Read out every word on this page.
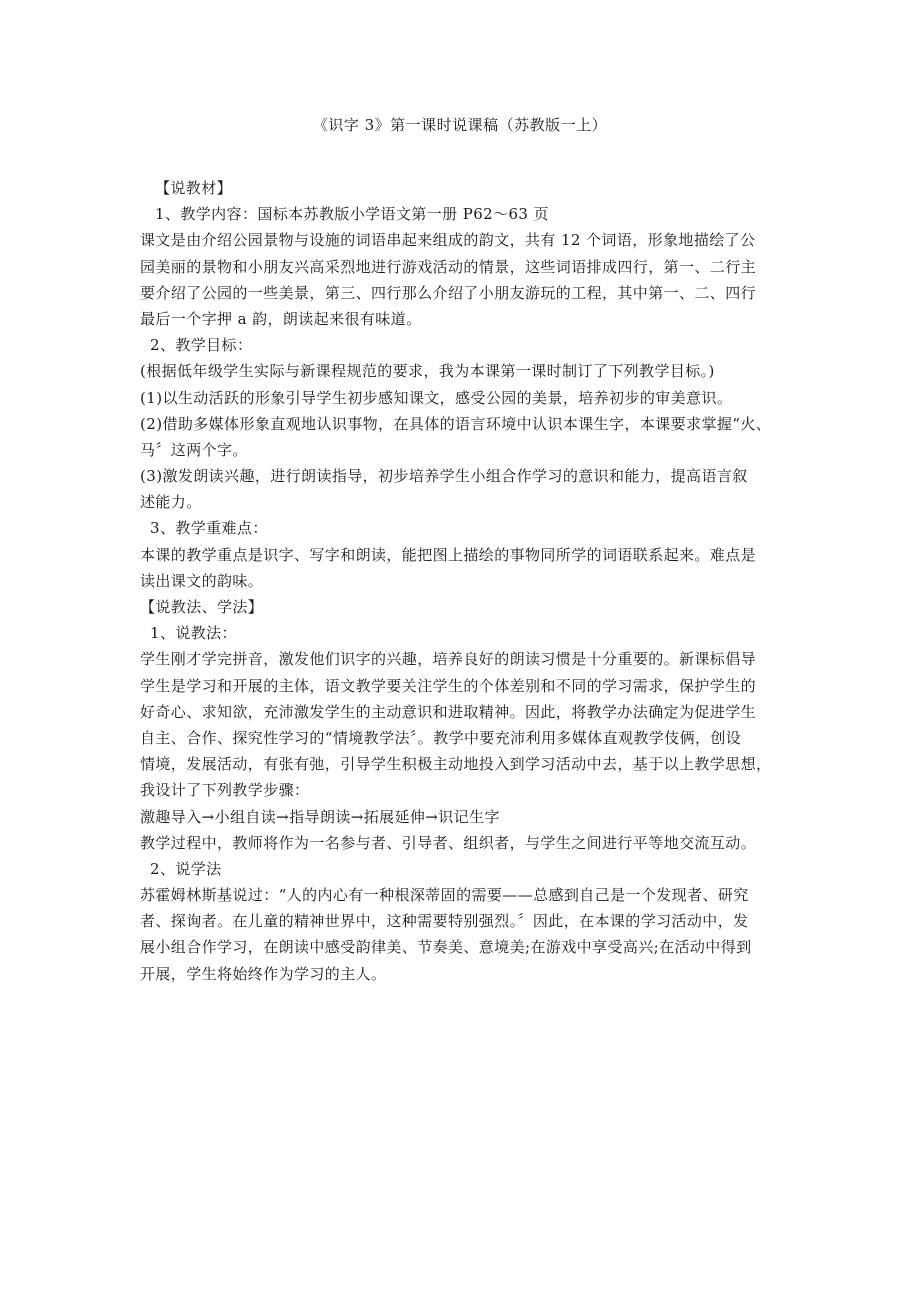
《识字 3》第一课时说课稿（苏教版一上）
【说教材】
1、教学内容：国标本苏教版小学语文第一册 P62～63 页
课文是由介绍公园景物与设施的词语串起来组成的韵文，共有 12 个词语，形象地描绘了公
园美丽的景物和小朋友兴高采烈地进行游戏活动的情景，这些词语排成四行，第一、二行主
要介绍了公园的一些美景，第三、四行那么介绍了小朋友游玩的工程，其中第一、二、四行
最后一个字押 a 韵，朗读起来很有味道。
2、教学目标：
(根据低年级学生实际与新课程规范的要求，我为本课第一课时制订了下列教学目标。)
(1)以生动活跃的形象引导学生初步感知课文，感受公园的美景，培养初步的审美意识。
(2)借助多媒体形象直观地认识事物，在具体的语言环境中认识本课生字，本课要求掌握“火、
马〞这两个字。
(3)激发朗读兴趣，进行朗读指导，初步培养学生小组合作学习的意识和能力，提高语言叙
述能力。
3、教学重难点：
本课的教学重点是识字、写字和朗读，能把图上描绘的事物同所学的词语联系起来。难点是
读出课文的韵味。
【说教法、学法】
1、说教法：
学生刚才学完拼音，激发他们识字的兴趣，培养良好的朗读习惯是十分重要的。新课标倡导
学生是学习和开展的主体，语文教学要关注学生的个体差别和不同的学习需求，保护学生的
好奇心、求知欲，充沛激发学生的主动意识和进取精神。因此，将教学办法确定为促进学生
自主、合作、探究性学习的“情境教学法〞。教学中要充沛利用多媒体直观教学伎俩，创设
情境，发展活动，有张有弛，引导学生积极主动地投入到学习活动中去，基于以上教学思想，
我设计了下列教学步骤：
激趣导入→小组自读→指导朗读→拓展延伸→识记生字
教学过程中，教师将作为一名参与者、引导者、组织者，与学生之间进行平等地交流互动。
2、说学法
苏霍姆林斯基说过：“人的内心有一种根深蒂固的需要——总感到自己是一个发现者、研究
者、探询者。在儿童的精神世界中，这种需要特别强烈。〞因此，在本课的学习活动中，发
展小组合作学习，在朗读中感受韵律美、节奏美、意境美;在游戏中享受高兴;在活动中得到
开展，学生将始终作为学习的主人。
